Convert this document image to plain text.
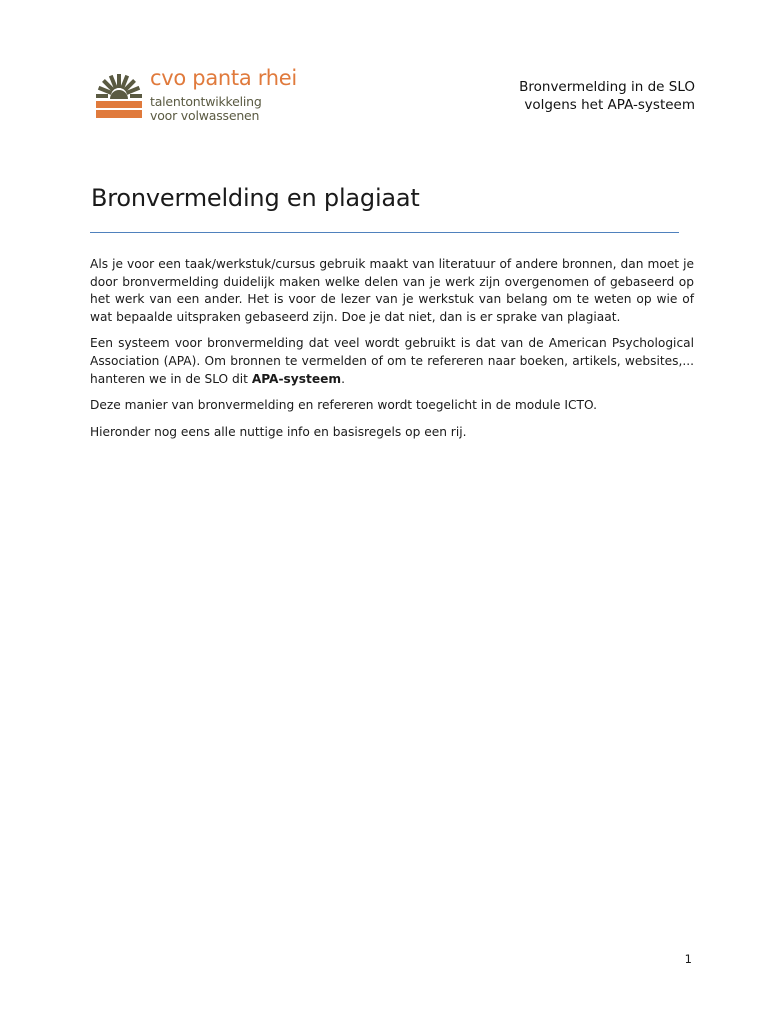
cvo panta rhei
talentontwikkeling
voor volwassenen
Bronvermelding in de SLO
volgens het APA-systeem
Bronvermelding en plagiaat

Als je voor een taak/werkstuk/cursus gebruik maakt van literatuur of andere bronnen, dan moet je door bronvermelding duidelijk maken welke delen van je werk zijn overgenomen of gebaseerd op het werk van een ander. Het is voor de lezer van je werkstuk van belang om te weten op wie of wat bepaalde uitspraken gebaseerd zijn. Doe je dat niet, dan is er sprake van plagiaat.

Een systeem voor bronvermelding dat veel wordt gebruikt is dat van de American Psychological Association (APA). Om bronnen te vermelden of om te refereren naar boeken, artikels, websites,... hanteren we in de SLO dit APA-systeem.

Deze manier van bronvermelding en refereren wordt toegelicht in de module ICTO.

Hieronder nog eens alle nuttige info en basisregels op een rij.

1
